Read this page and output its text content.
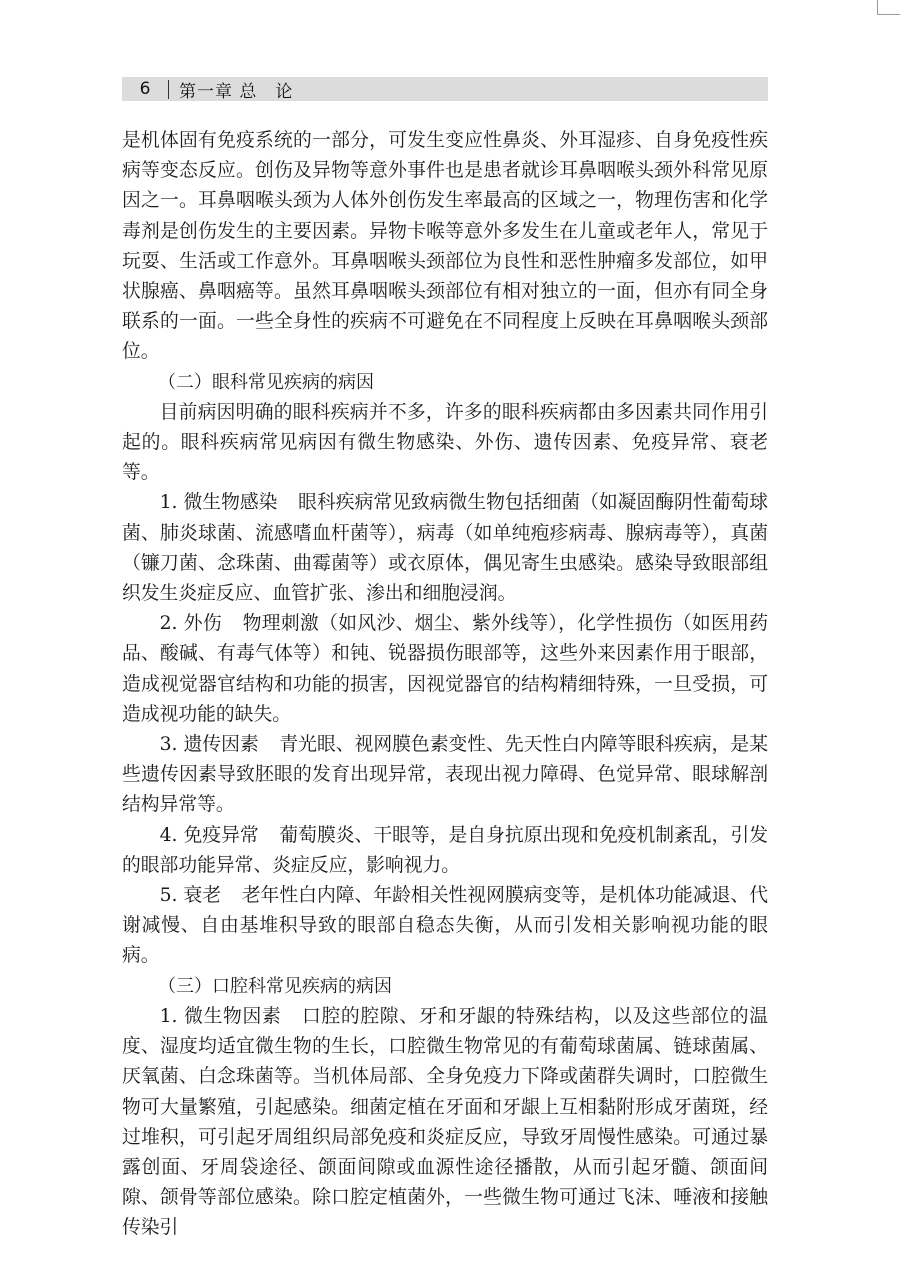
6	第一章 总　论

是机体固有免疫系统的一部分，可发生变应性鼻炎、外耳湿疹、自身免疫性疾病等变态反应。创伤及异物等意外事件也是患者就诊耳鼻咽喉头颈外科常见原因之一。耳鼻咽喉头颈为人体外创伤发生率最高的区域之一，物理伤害和化学毒剂是创伤发生的主要因素。异物卡喉等意外多发生在儿童或老年人，常见于玩耍、生活或工作意外。耳鼻咽喉头颈部位为良性和恶性肿瘤多发部位，如甲状腺癌、鼻咽癌等。虽然耳鼻咽喉头颈部位有相对独立的一面，但亦有同全身联系的一面。一些全身性的疾病不可避免在不同程度上反映在耳鼻咽喉头颈部位。

（二）眼科常见疾病的病因

目前病因明确的眼科疾病并不多，许多的眼科疾病都由多因素共同作用引起的。眼科疾病常见病因有微生物感染、外伤、遗传因素、免疫异常、衰老等。

1. 微生物感染 眼科疾病常见致病微生物包括细菌（如凝固酶阴性葡萄球菌、肺炎球菌、流感嗜血杆菌等），病毒（如单纯疱疹病毒、腺病毒等），真菌（镰刀菌、念珠菌、曲霉菌等）或衣原体，偶见寄生虫感染。感染导致眼部组织发生炎症反应、血管扩张、渗出和细胞浸润。

2. 外伤 物理刺激（如风沙、烟尘、紫外线等），化学性损伤（如医用药品、酸碱、有毒气体等）和钝、锐器损伤眼部等，这些外来因素作用于眼部，造成视觉器官结构和功能的损害，因视觉器官的结构精细特殊，一旦受损，可造成视功能的缺失。

3. 遗传因素 青光眼、视网膜色素变性、先天性白内障等眼科疾病，是某些遗传因素导致胚眼的发育出现异常，表现出视力障碍、色觉异常、眼球解剖结构异常等。

4. 免疫异常 葡萄膜炎、干眼等，是自身抗原出现和免疫机制紊乱，引发的眼部功能异常、炎症反应，影响视力。

5. 衰老 老年性白内障、年龄相关性视网膜病变等，是机体功能减退、代谢减慢、自由基堆积导致的眼部自稳态失衡，从而引发相关影响视功能的眼病。

（三）口腔科常见疾病的病因

1. 微生物因素 口腔的腔隙、牙和牙龈的特殊结构，以及这些部位的温度、湿度均适宜微生物的生长，口腔微生物常见的有葡萄球菌属、链球菌属、厌氧菌、白念珠菌等。当机体局部、全身免疫力下降或菌群失调时，口腔微生物可大量繁殖，引起感染。细菌定植在牙面和牙龈上互相黏附形成牙菌斑，经过堆积，可引起牙周组织局部免疫和炎症反应，导致牙周慢性感染。可通过暴露创面、牙周袋途径、颌面间隙或血源性途径播散，从而引起牙髓、颌面间隙、颌骨等部位感染。除口腔定植菌外，一些微生物可通过飞沫、唾液和接触传染引
